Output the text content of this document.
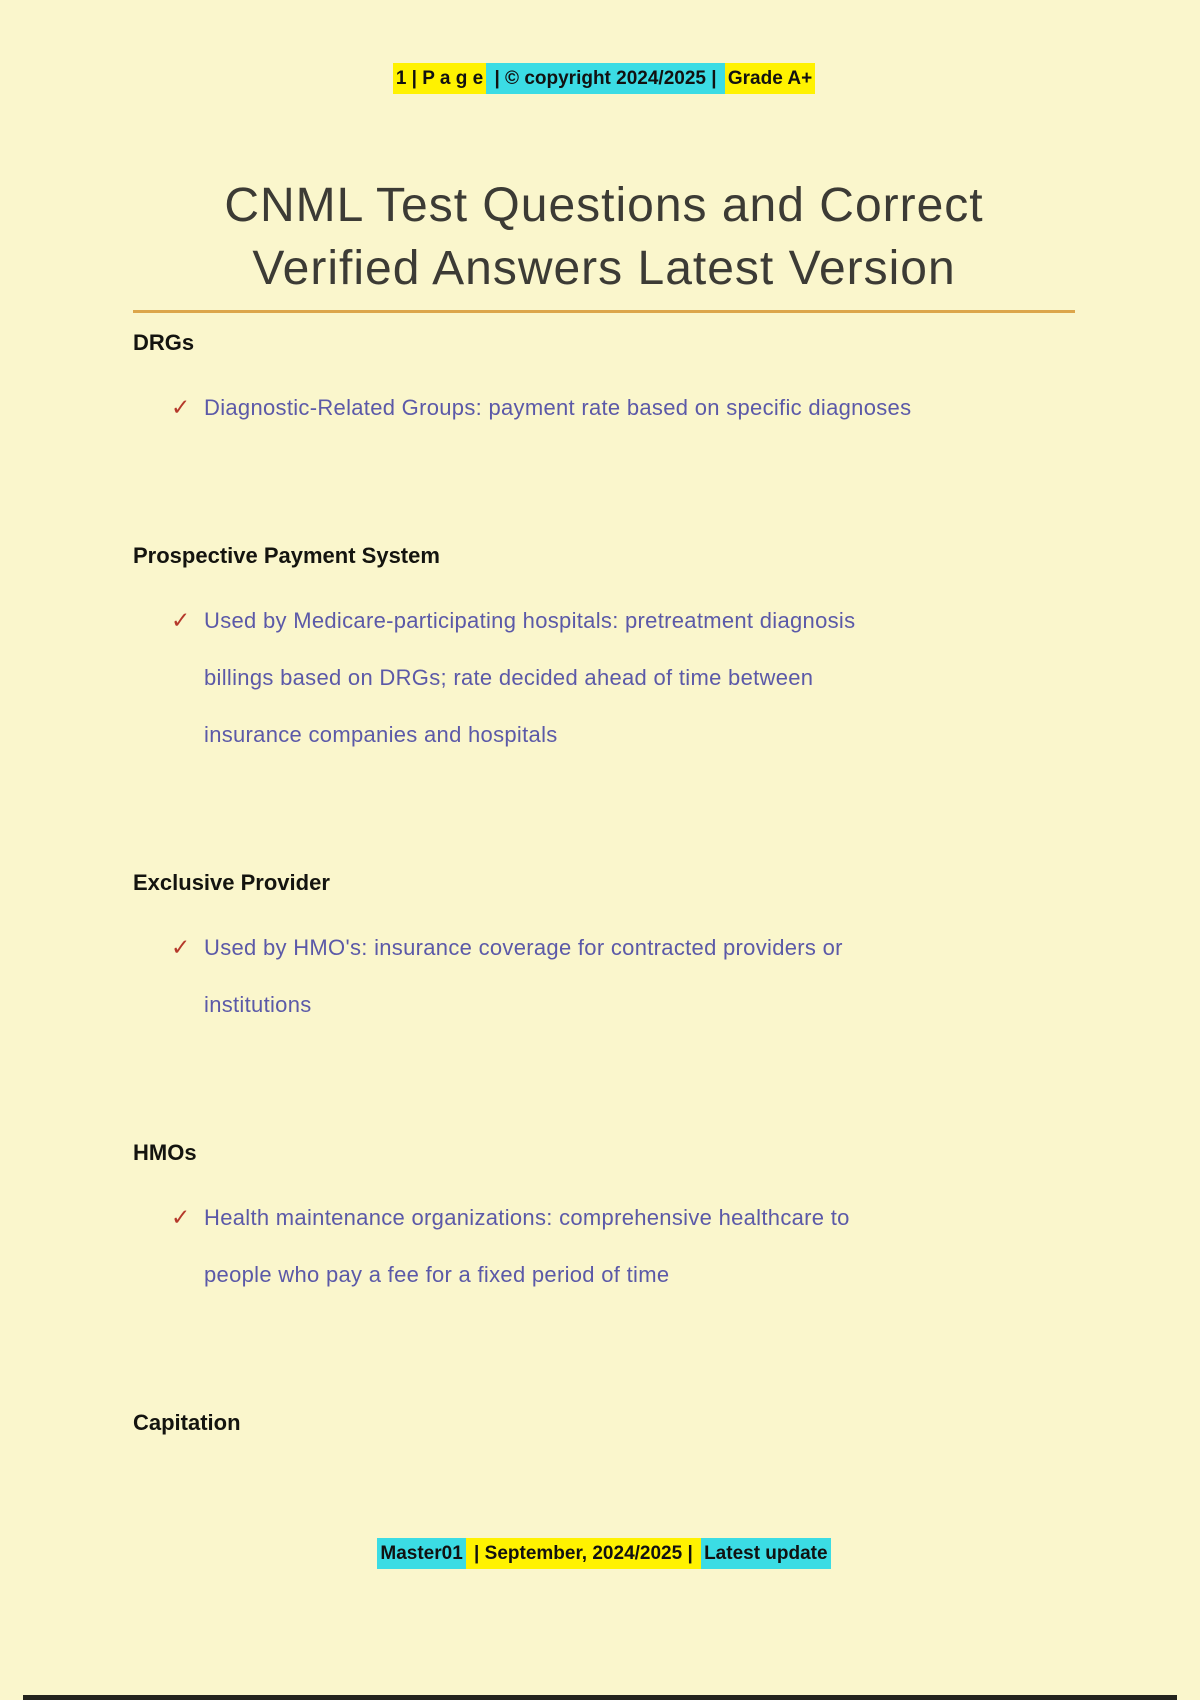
1 | P a g e | © copyright 2024/2025 | Grade A+
CNML Test Questions and Correct
Verified Answers Latest Version
DRGs
✓ Diagnostic-Related Groups: payment rate based on specific diagnoses
Prospective Payment System
✓ Used by Medicare-participating hospitals: pretreatment diagnosis
billings based on DRGs; rate decided ahead of time between
insurance companies and hospitals
Exclusive Provider
✓ Used by HMO's: insurance coverage for contracted providers or
institutions
HMOs
✓ Health maintenance organizations: comprehensive healthcare to
people who pay a fee for a fixed period of time
Capitation
Master01 | September, 2024/2025 | Latest update
